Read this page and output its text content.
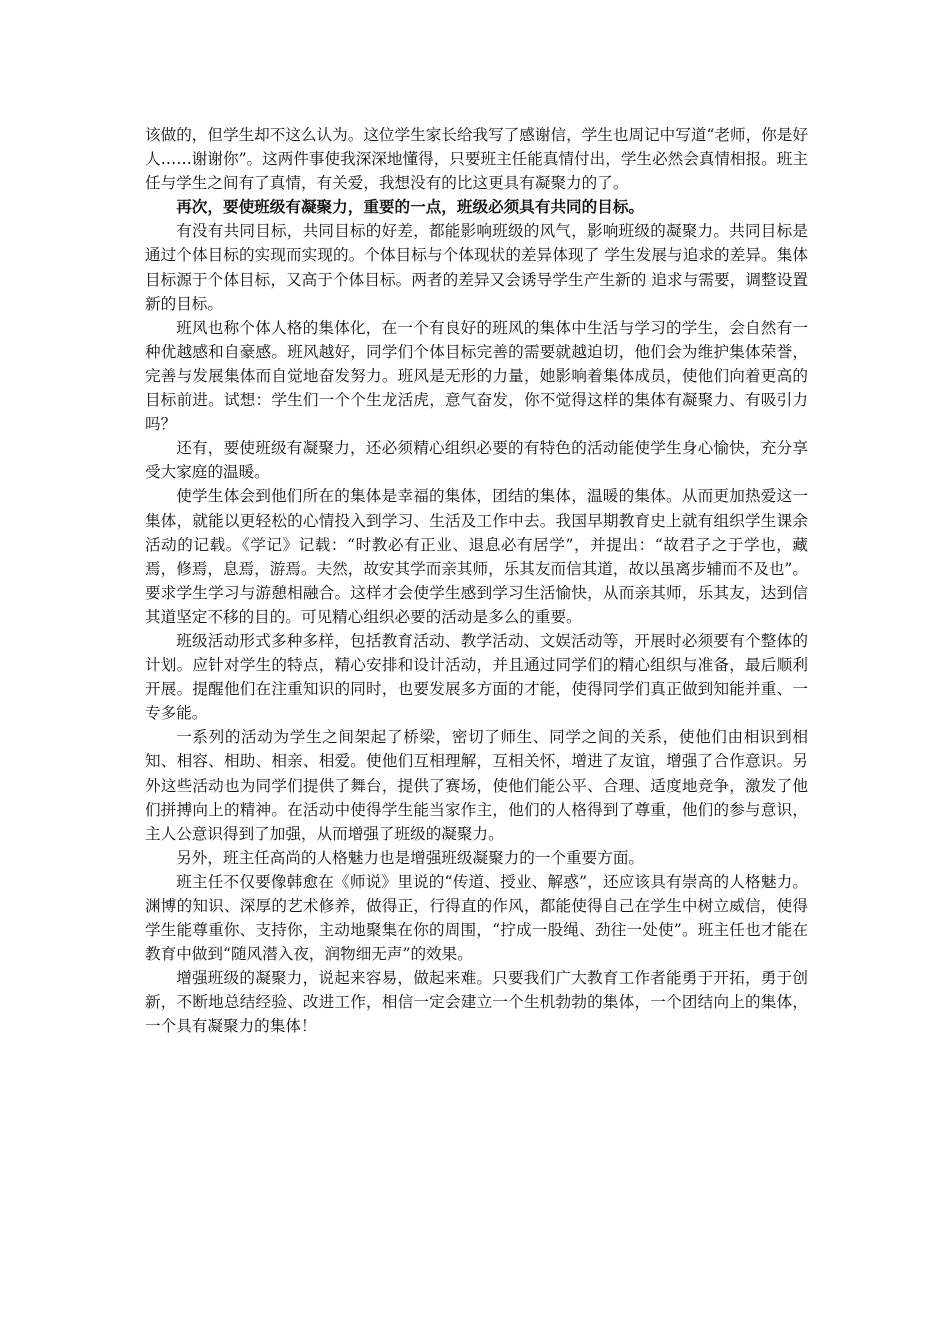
该做的，但学生却不这么认为。这位学生家长给我写了感谢信，学生也周记中写道“老师，你是好人……谢谢你”。这两件事使我深深地懂得，只要班主任能真情付出，学生必然会真情相报。班主任与学生之间有了真情，有关爱，我想没有的比这更具有凝聚力的了。

再次，要使班级有凝聚力，重要的一点，班级必须具有共同的目标。

有没有共同目标，共同目标的好差，都能影响班级的风气，影响班级的凝聚力。共同目标是通过个体目标的实现而实现的。个体目标与个体现状的差异体现了 学生发展与追求的差异。集体目标源于个体目标，又高于个体目标。两者的差异又会诱导学生产生新的 追求与需要，调整设置新的目标。

班风也称个体人格的集体化，在一个有良好的班风的集体中生活与学习的学生，会自然有一种优越感和自豪感。班风越好，同学们个体目标完善的需要就越迫切，他们会为维护集体荣誉，完善与发展集体而自觉地奋发努力。班风是无形的力量，她影响着集体成员，使他们向着更高的目标前进。试想：学生们一个个生龙活虎，意气奋发，你不觉得这样的集体有凝聚力、有吸引力吗？

还有，要使班级有凝聚力，还必须精心组织必要的有特色的活动能使学生身心愉快，充分享受大家庭的温暖。

使学生体会到他们所在的集体是幸福的集体，团结的集体，温暖的集体。从而更加热爱这一集体，就能以更轻松的心情投入到学习、生活及工作中去。我国早期教育史上就有组织学生课余活动的记载。《学记》记载：“时教必有正业、退息必有居学”，并提出：“故君子之于学也，藏焉，修焉，息焉，游焉。夫然，故安其学而亲其师，乐其友而信其道，故以虽离步辅而不及也”。要求学生学习与游憩相融合。这样才会使学生感到学习生活愉快，从而亲其师，乐其友，达到信其道坚定不移的目的。可见精心组织必要的活动是多么的重要。

班级活动形式多种多样，包括教育活动、教学活动、文娱活动等，开展时必须要有个整体的计划。应针对学生的特点，精心安排和设计活动，并且通过同学们的精心组织与准备，最后顺利开展。提醒他们在注重知识的同时，也要发展多方面的才能，使得同学们真正做到知能并重、一专多能。

一系列的活动为学生之间架起了桥梁，密切了师生、同学之间的关系，使他们由相识到相知、相容、相助、相亲、相爱。使他们互相理解，互相关怀，增进了友谊，增强了合作意识。另外这些活动也为同学们提供了舞台，提供了赛场，使他们能公平、合理、适度地竞争，激发了他们拼搏向上的精神。在活动中使得学生能当家作主，他们的人格得到了尊重，他们的参与意识，主人公意识得到了加强，从而增强了班级的凝聚力。

另外，班主任高尚的人格魅力也是增强班级凝聚力的一个重要方面。

班主任不仅要像韩愈在《师说》里说的“传道、授业、解惑”，还应该具有崇高的人格魅力。渊博的知识、深厚的艺术修养，做得正，行得直的作风，都能使得自己在学生中树立威信，使得学生能尊重你、支持你，主动地聚集在你的周围，“拧成一股绳、劲往一处使”。班主任也才能在教育中做到“随风潜入夜，润物细无声”的效果。

增强班级的凝聚力，说起来容易，做起来难。只要我们广大教育工作者能勇于开拓，勇于创新，不断地总结经验、改进工作，相信一定会建立一个生机勃勃的集体，一个团结向上的集体，一个具有凝聚力的集体！
